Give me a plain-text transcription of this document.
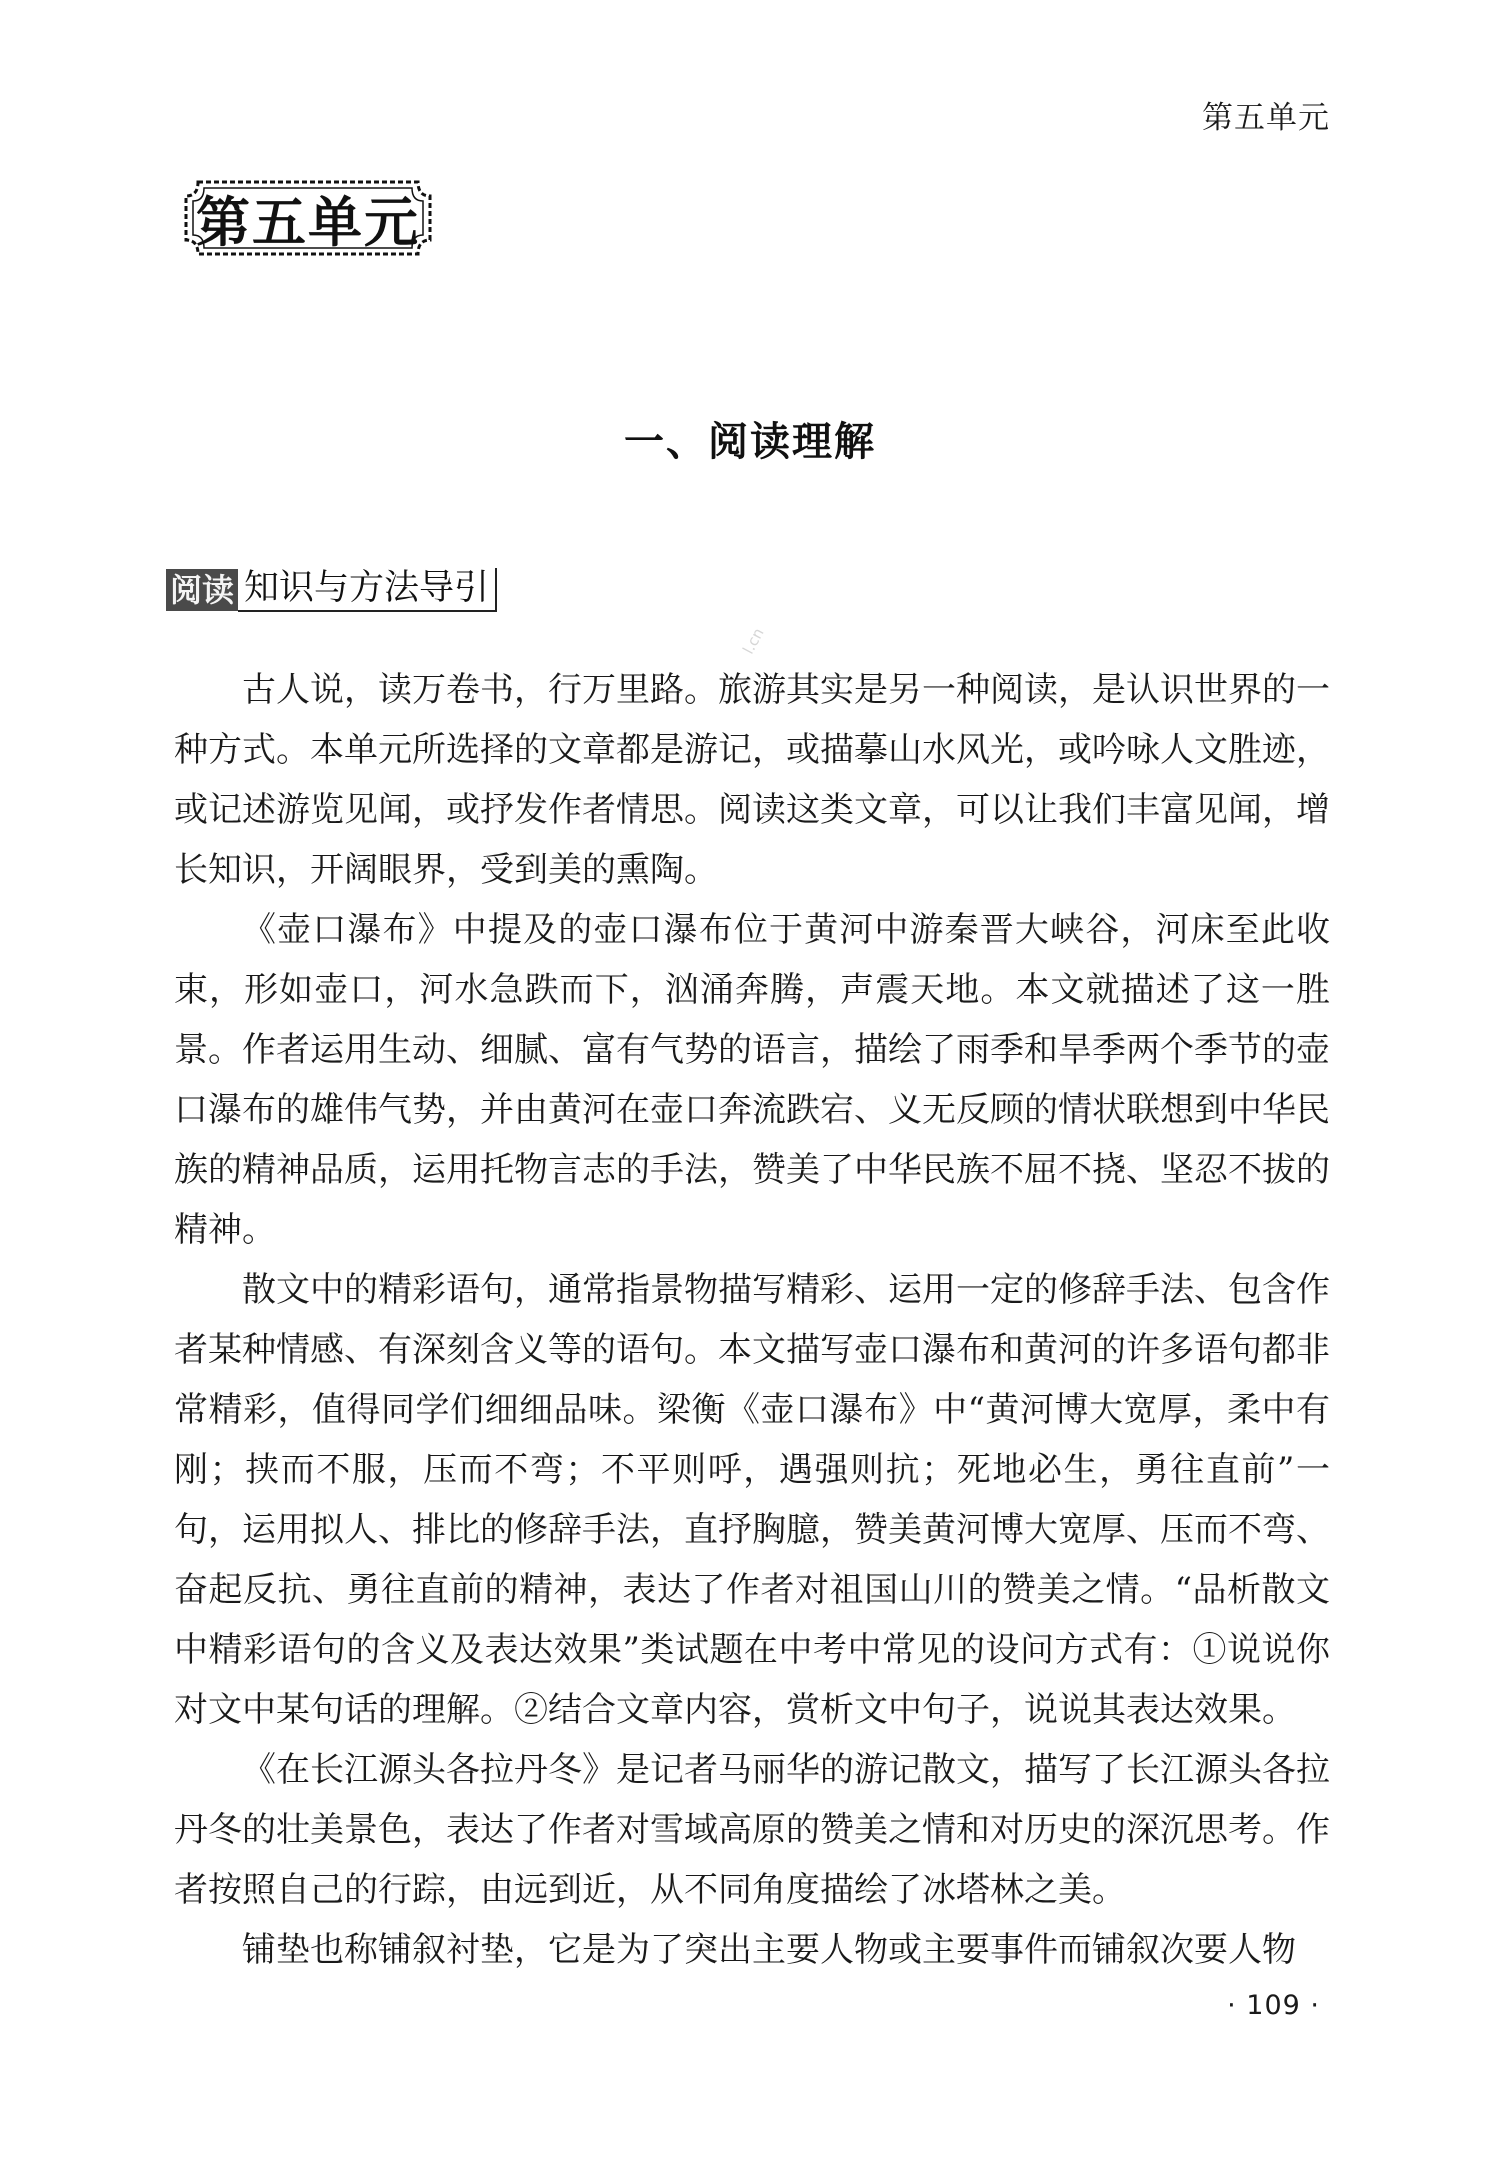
第五单元
第五单元
一、阅读理解
阅读 知识与方法导引
l.cn

古人说，读万卷书，行万里路。旅游其实是另一种阅读，是认识世界的一种方式。本单元所选择的文章都是游记，或描摹山水风光，或吟咏人文胜迹，或记述游览见闻，或抒发作者情思。阅读这类文章，可以让我们丰富见闻，增长知识，开阔眼界，受到美的熏陶。

《壶口瀑布》中提及的壶口瀑布位于黄河中游秦晋大峡谷，河床至此收束，形如壶口，河水急跌而下，汹涌奔腾，声震天地。本文就描述了这一胜景。作者运用生动、细腻、富有气势的语言，描绘了雨季和旱季两个季节的壶口瀑布的雄伟气势，并由黄河在壶口奔流跌宕、义无反顾的情状联想到中华民族的精神品质，运用托物言志的手法，赞美了中华民族不屈不挠、坚忍不拔的精神。

散文中的精彩语句，通常指景物描写精彩、运用一定的修辞手法、包含作者某种情感、有深刻含义等的语句。本文描写壶口瀑布和黄河的许多语句都非常精彩，值得同学们细细品味。梁衡《壶口瀑布》中“黄河博大宽厚，柔中有刚；挟而不服，压而不弯；不平则呼，遇强则抗；死地必生，勇往直前”一句，运用拟人、排比的修辞手法，直抒胸臆，赞美黄河博大宽厚、压而不弯、奋起反抗、勇往直前的精神，表达了作者对祖国山川的赞美之情。“品析散文中精彩语句的含义及表达效果”类试题在中考中常见的设问方式有：①说说你对文中某句话的理解。②结合文章内容，赏析文中句子，说说其表达效果。

《在长江源头各拉丹冬》是记者马丽华的游记散文，描写了长江源头各拉丹冬的壮美景色，表达了作者对雪域高原的赞美之情和对历史的深沉思考。作者按照自己的行踪，由远到近，从不同角度描绘了冰塔林之美。

铺垫也称铺叙衬垫，它是为了突出主要人物或主要事件而铺叙次要人物

· 109 ·
